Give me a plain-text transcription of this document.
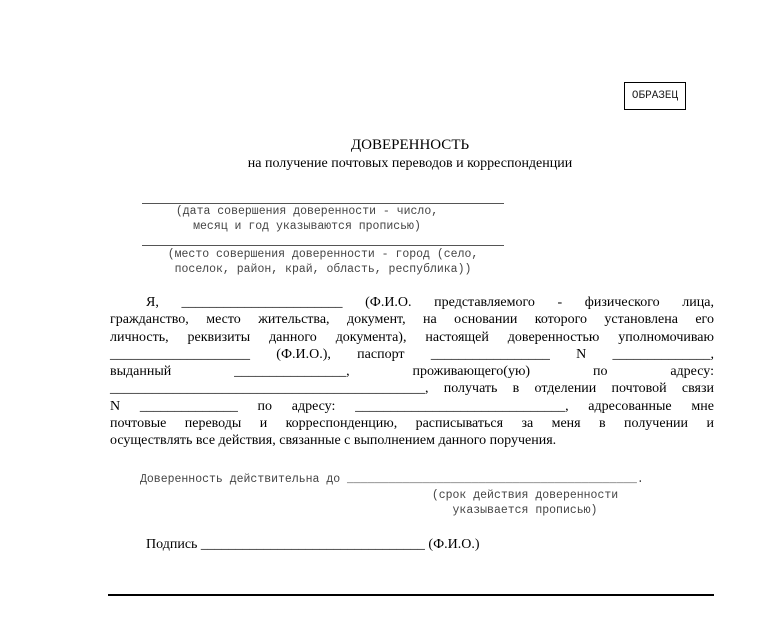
ОБРАЗЕЦ
ДОВЕРЕННОСТЬ
на получение почтовых переводов и корреспонденции
(дата совершения доверенности - число,
месяц и год указываются прописью)
(место совершения доверенности - город (село,
поселок, район, край, область, республика))
Я, _______________________ (Ф.И.О. представляемого - физического лица,
гражданство, место жительства, документ, на основании которого установлена его
личность, реквизиты данного документа), настоящей доверенностью уполномочиваю
____________________ (Ф.И.О.), паспорт _________________ N ______________,
выданный	________________,	проживающего(ую)	по	адресу:
_____________________________________________, получать в отделении почтовой связи
N ______________ по адресу: ______________________________, адресованные мне
почтовые переводы и корреспонденцию, расписываться за меня в получении и
осуществлять все действия, связанные с выполнением данного поручения.
Доверенность действительна до __________________________________________.
(срок действия доверенности
указывается прописью)
Подпись ________________________________ (Ф.И.О.)
